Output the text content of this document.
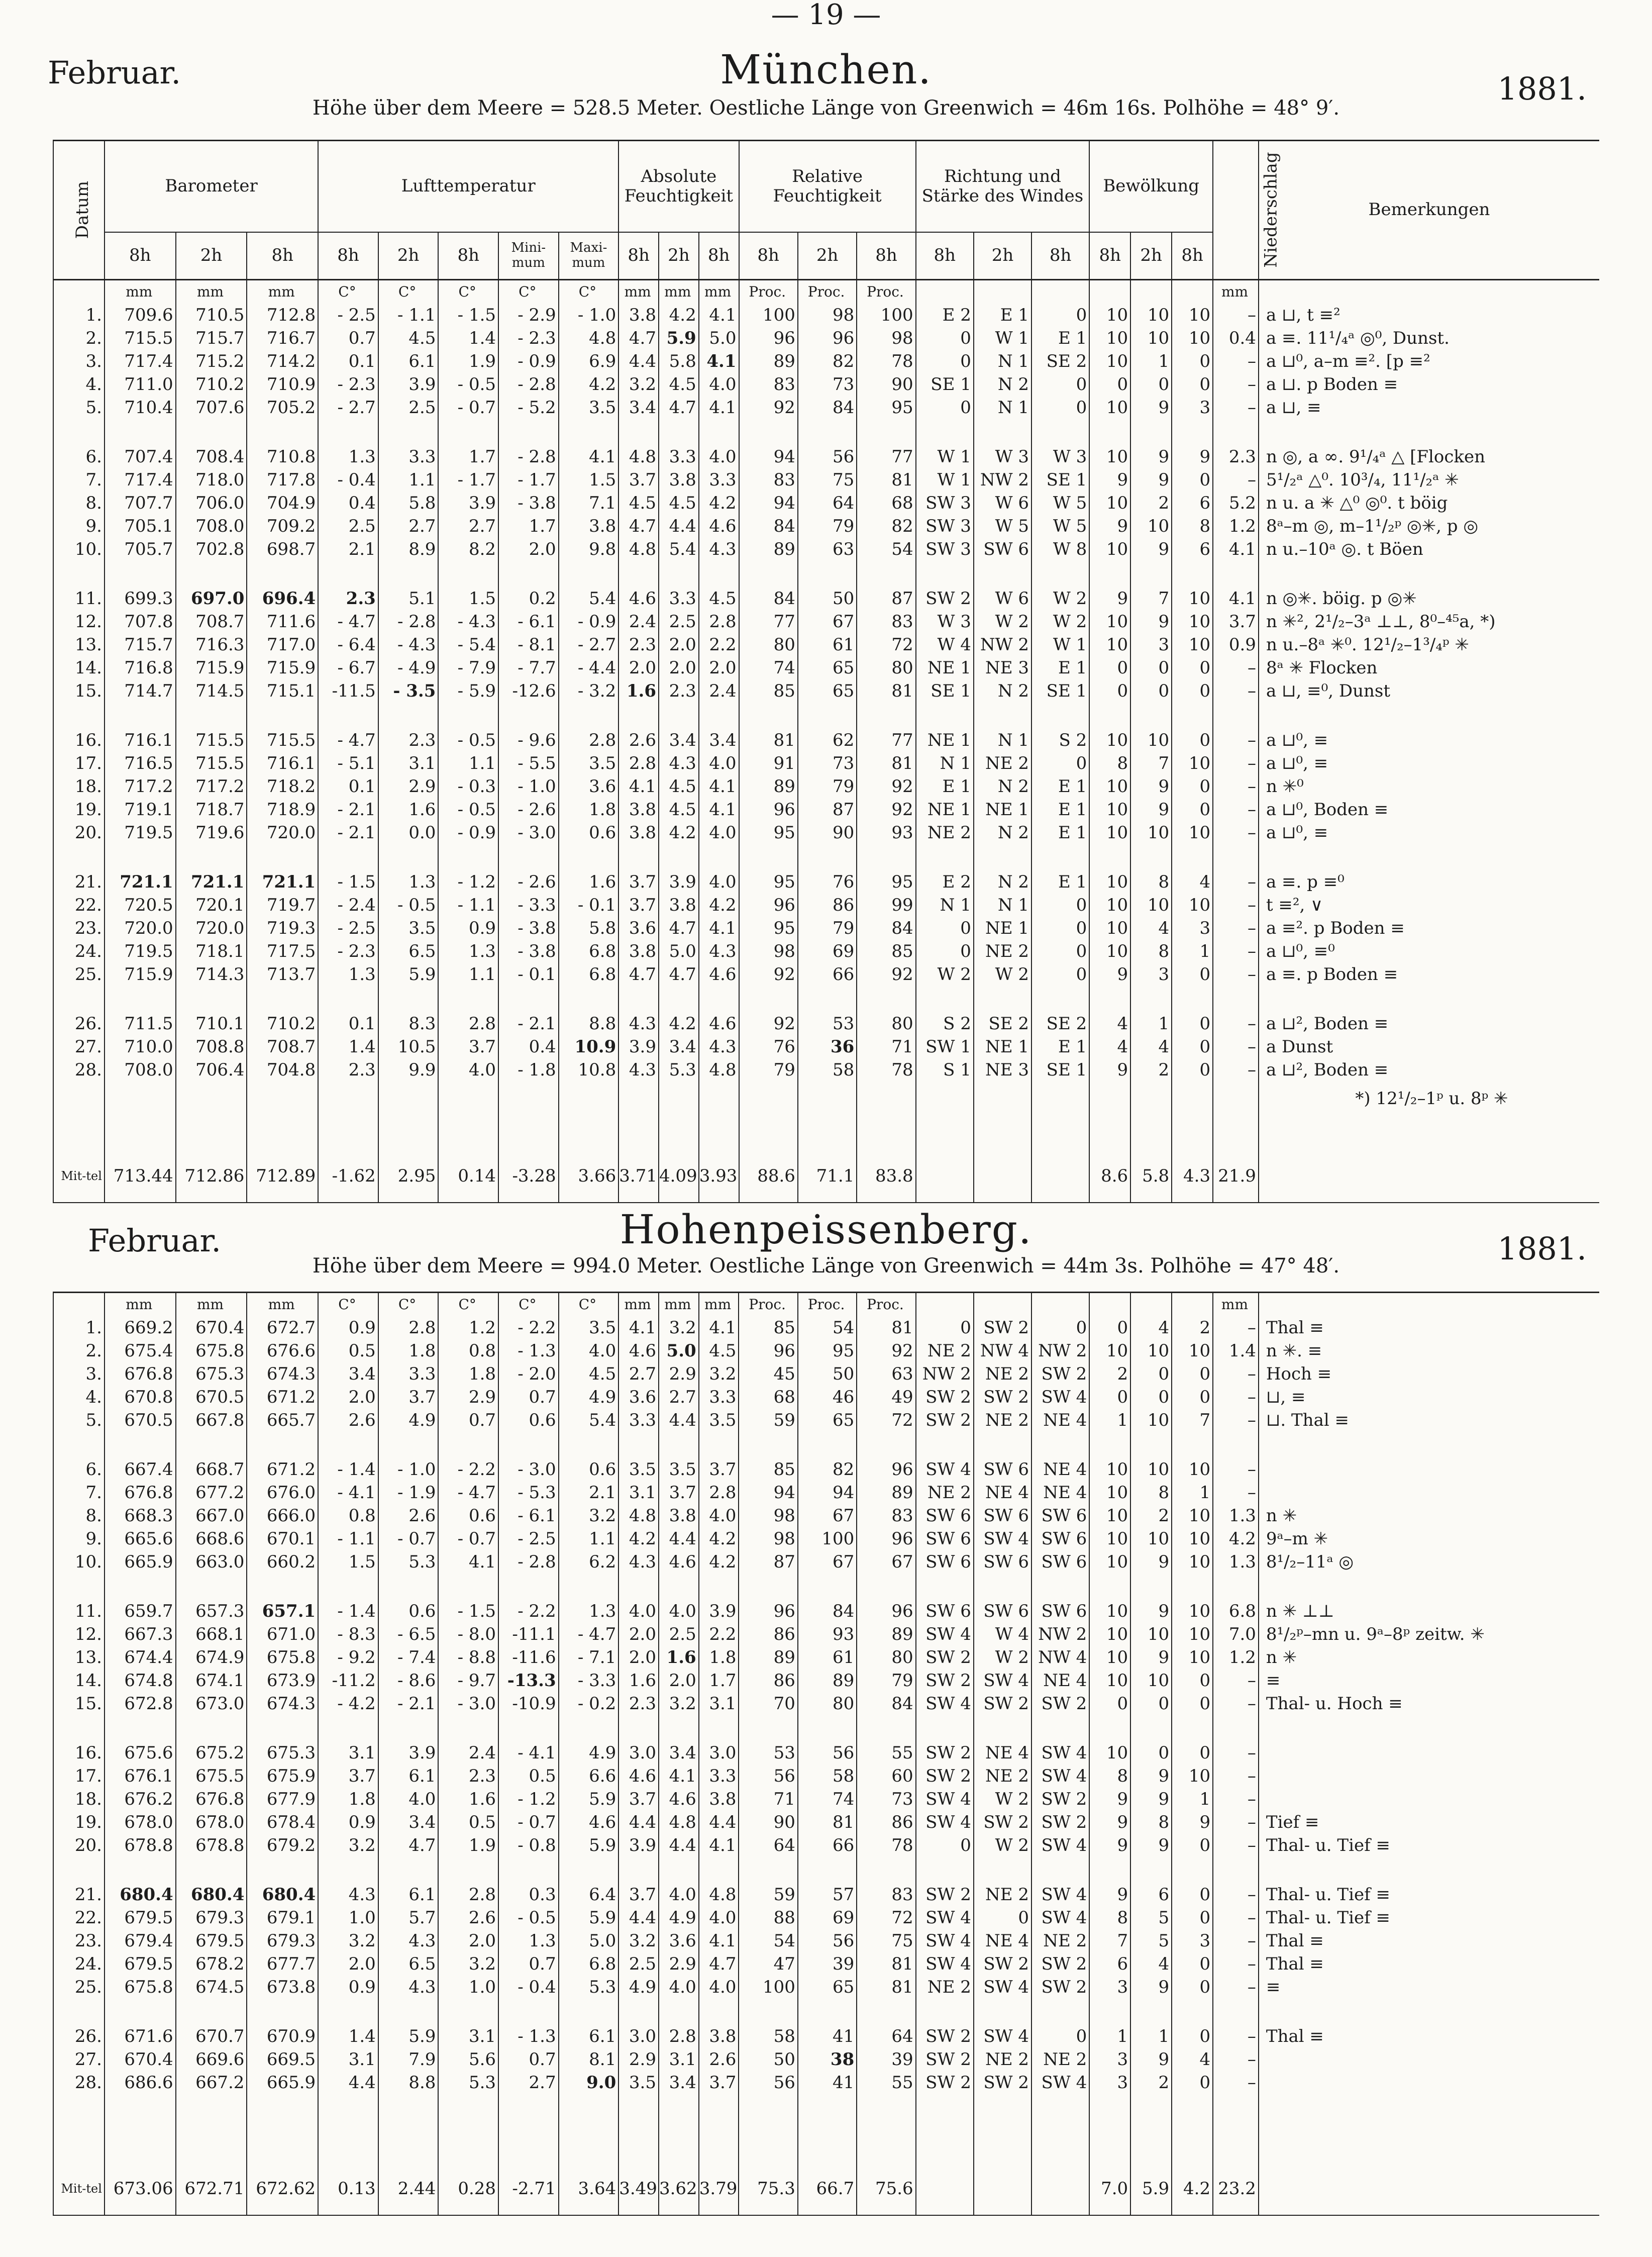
— 19 —
Februar.	München.	1881.
Höhe über dem Meere = 528.5 Meter. Oestliche Länge von Greenwich = 46m 16s. Polhöhe = 48° 9′.
Datum	Barometer			Lufttemperatur					Absolute Feuchtigkeit			Relative Feuchtigkeit			Richtung und Stärke des Windes			Bewölkung			Niederschlag	Bemerkungen
	8h	2h	8h	8h	2h	8h	Mini-mum	Maxi-mum	8h	2h	8h	8h	2h	8h	8h	2h	8h	8h	2h	8h		
	mm	mm	mm	C°	C°	C°	C°	C°	mm	mm	mm	Proc.	Proc.	Proc.							mm	
1.	709.6	710.5	712.8	- 2.5	- 1.1	- 1.5	- 2.9	- 1.0	3.8	4.2	4.1	100	98	100	E 2	E 1	0	10	10	10	–	a ⊔, t ≡²
2.	715.5	715.7	716.7	0.7	4.5	1.4	- 2.3	4.8	4.7	5.9	5.0	96	96	98	0	W 1	E 1	10	10	10	0.4	a ≡. 11¹/₄ᵃ ◎⁰, Dunst.
3.	717.4	715.2	714.2	0.1	6.1	1.9	- 0.9	6.9	4.4	5.8	4.1	89	82	78	0	N 1	SE 2	10	1	0	–	a ⊔⁰, a–m ≡². [p ≡²
4.	711.0	710.2	710.9	- 2.3	3.9	- 0.5	- 2.8	4.2	3.2	4.5	4.0	83	73	90	SE 1	N 2	0	0	0	0	–	a ⊔. p Boden ≡
5.	710.4	707.6	705.2	- 2.7	2.5	- 0.7	- 5.2	3.5	3.4	4.7	4.1	92	84	95	0	N 1	0	10	9	3	–	a ⊔, ≡

6.	707.4	708.4	710.8	1.3	3.3	1.7	- 2.8	4.1	4.8	3.3	4.0	94	56	77	W 1	W 3	W 3	10	9	9	2.3	n ◎, a ∞. 9¹/₄ᵃ △ [Flocken
7.	717.4	718.0	717.8	- 0.4	1.1	- 1.7	- 1.7	1.5	3.7	3.8	3.3	83	75	81	W 1	NW 2	SE 1	9	9	0	–	5¹/₂ᵃ △⁰. 10³/₄, 11¹/₂ᵃ ✳
8.	707.7	706.0	704.9	0.4	5.8	3.9	- 3.8	7.1	4.5	4.5	4.2	94	64	68	SW 3	W 6	W 5	10	2	6	5.2	n u. a ✳ △⁰ ◎⁰. t böig
9.	705.1	708.0	709.2	2.5	2.7	2.7	1.7	3.8	4.7	4.4	4.6	84	79	82	SW 3	W 5	W 5	9	10	8	1.2	8ᵃ–m ◎, m–1¹/₂ᵖ ◎✳, p ◎
10.	705.7	702.8	698.7	2.1	8.9	8.2	2.0	9.8	4.8	5.4	4.3	89	63	54	SW 3	SW 6	W 8	10	9	6	4.1	n u.–10ᵃ ◎. t Böen

11.	699.3	697.0	696.4	2.3	5.1	1.5	0.2	5.4	4.6	3.3	4.5	84	50	87	SW 2	W 6	W 2	9	7	10	4.1	n ◎✳. böig. p ◎✳
12.	707.8	708.7	711.6	- 4.7	- 2.8	- 4.3	- 6.1	- 0.9	2.4	2.5	2.8	77	67	83	W 3	W 2	W 2	10	9	10	3.7	n ✳², 2¹/₂–3ᵃ ⊥⊥, 8⁰–⁴⁵a, *)
13.	715.7	716.3	717.0	- 6.4	- 4.3	- 5.4	- 8.1	- 2.7	2.3	2.0	2.2	80	61	72	W 4	NW 2	W 1	10	3	10	0.9	n u.–8ᵃ ✳⁰. 12¹/₂–1³/₄ᵖ ✳
14.	716.8	715.9	715.9	- 6.7	- 4.9	- 7.9	- 7.7	- 4.4	2.0	2.0	2.0	74	65	80	NE 1	NE 3	E 1	0	0	0	–	8ᵃ ✳ Flocken
15.	714.7	714.5	715.1	-11.5	- 3.5	- 5.9	-12.6	- 3.2	1.6	2.3	2.4	85	65	81	SE 1	N 2	SE 1	0	0	0	–	a ⊔, ≡⁰, Dunst

16.	716.1	715.5	715.5	- 4.7	2.3	- 0.5	- 9.6	2.8	2.6	3.4	3.4	81	62	77	NE 1	N 1	S 2	10	10	0	–	a ⊔⁰, ≡
17.	716.5	715.5	716.1	- 5.1	3.1	1.1	- 5.5	3.5	2.8	4.3	4.0	91	73	81	N 1	NE 2	0	8	7	10	–	a ⊔⁰, ≡
18.	717.2	717.2	718.2	0.1	2.9	- 0.3	- 1.0	3.6	4.1	4.5	4.1	89	79	92	E 1	N 2	E 1	10	9	0	–	n ✳⁰
19.	719.1	718.7	718.9	- 2.1	1.6	- 0.5	- 2.6	1.8	3.8	4.5	4.1	96	87	92	NE 1	NE 1	E 1	10	9	0	–	a ⊔⁰, Boden ≡
20.	719.5	719.6	720.0	- 2.1	0.0	- 0.9	- 3.0	0.6	3.8	4.2	4.0	95	90	93	NE 2	N 2	E 1	10	10	10	–	a ⊔⁰, ≡

21.	721.1	721.1	721.1	- 1.5	1.3	- 1.2	- 2.6	1.6	3.7	3.9	4.0	95	76	95	E 2	N 2	E 1	10	8	4	–	a ≡. p ≡⁰
22.	720.5	720.1	719.7	- 2.4	- 0.5	- 1.1	- 3.3	- 0.1	3.7	3.8	4.2	96	86	99	N 1	N 1	0	10	10	10	–	t ≡², ∨
23.	720.0	720.0	719.3	- 2.5	3.5	0.9	- 3.8	5.8	3.6	4.7	4.1	95	79	84	0	NE 1	0	10	4	3	–	a ≡². p Boden ≡
24.	719.5	718.1	717.5	- 2.3	6.5	1.3	- 3.8	6.8	3.8	5.0	4.3	98	69	85	0	NE 2	0	10	8	1	–	a ⊔⁰, ≡⁰
25.	715.9	714.3	713.7	1.3	5.9	1.1	- 0.1	6.8	4.7	4.7	4.6	92	66	92	W 2	W 2	0	9	3	0	–	a ≡. p Boden ≡

26.	711.5	710.1	710.2	0.1	8.3	2.8	- 2.1	8.8	4.3	4.2	4.6	92	53	80	S 2	SE 2	SE 2	4	1	0	–	a ⊔², Boden ≡
27.	710.0	708.8	708.7	1.4	10.5	3.7	0.4	10.9	3.9	3.4	4.3	76	36	71	SW 1	NE 1	E 1	4	4	0	–	a Dunst
28.	708.0	706.4	704.8	2.3	9.9	4.0	- 1.8	10.8	4.3	5.3	4.8	79	58	78	S 1	NE 3	SE 1	9	2	0	–	a ⊔², Boden ≡
																						*) 12¹/₂–1ᵖ u. 8ᵖ ✳

Mit-tel	713.44	712.86	712.89	-1.62	2.95	0.14	-3.28	3.66	3.71	4.09	3.93	88.6	71.1	83.8				8.6	5.8	4.3	21.9	
Februar.	Hohenpeissenberg.	1881.
Höhe über dem Meere = 994.0 Meter. Oestliche Länge von Greenwich = 44m 3s. Polhöhe = 47° 48′.
	mm	mm	mm	C°	C°	C°	C°	C°	mm	mm	mm	Proc.	Proc.	Proc.							mm	
1.	669.2	670.4	672.7	0.9	2.8	1.2	- 2.2	3.5	4.1	3.2	4.1	85	54	81	0	SW 2	0	0	4	2	–	Thal ≡
2.	675.4	675.8	676.6	0.5	1.8	0.8	- 1.3	4.0	4.6	5.0	4.5	96	95	92	NE 2	NW 4	NW 2	10	10	10	1.4	n ✳. ≡
3.	676.8	675.3	674.3	3.4	3.3	1.8	- 2.0	4.5	2.7	2.9	3.2	45	50	63	NW 2	NE 2	SW 2	2	0	0	–	Hoch ≡
4.	670.8	670.5	671.2	2.0	3.7	2.9	0.7	4.9	3.6	2.7	3.3	68	46	49	SW 2	SW 2	SW 4	0	0	0	–	⊔, ≡
5.	670.5	667.8	665.7	2.6	4.9	0.7	0.6	5.4	3.3	4.4	3.5	59	65	72	SW 2	NE 2	NE 4	1	10	7	–	⊔. Thal ≡

6.	667.4	668.7	671.2	- 1.4	- 1.0	- 2.2	- 3.0	0.6	3.5	3.5	3.7	85	82	96	SW 4	SW 6	NE 4	10	10	10	–	
7.	676.8	677.2	676.0	- 4.1	- 1.9	- 4.7	- 5.3	2.1	3.1	3.7	2.8	94	94	89	NE 2	NE 4	NE 4	10	8	1	–	
8.	668.3	667.0	666.0	0.8	2.6	0.6	- 6.1	3.2	4.8	3.8	4.0	98	67	83	SW 6	SW 6	SW 6	10	2	10	1.3	n ✳
9.	665.6	668.6	670.1	- 1.1	- 0.7	- 0.7	- 2.5	1.1	4.2	4.4	4.2	98	100	96	SW 6	SW 4	SW 6	10	10	10	4.2	9ᵃ–m ✳
10.	665.9	663.0	660.2	1.5	5.3	4.1	- 2.8	6.2	4.3	4.6	4.2	87	67	67	SW 6	SW 6	SW 6	10	9	10	1.3	8¹/₂–11ᵃ ◎

11.	659.7	657.3	657.1	- 1.4	0.6	- 1.5	- 2.2	1.3	4.0	4.0	3.9	96	84	96	SW 6	SW 6	SW 6	10	9	10	6.8	n ✳ ⊥⊥
12.	667.3	668.1	671.0	- 8.3	- 6.5	- 8.0	-11.1	- 4.7	2.0	2.5	2.2	86	93	89	SW 4	W 4	NW 2	10	10	10	7.0	8¹/₂ᵖ–mn u. 9ᵃ–8ᵖ zeitw. ✳
13.	674.4	674.9	675.8	- 9.2	- 7.4	- 8.8	-11.6	- 7.1	2.0	1.6	1.8	89	61	80	SW 2	W 2	NW 4	10	9	10	1.2	n ✳
14.	674.8	674.1	673.9	-11.2	- 8.6	- 9.7	-13.3	- 3.3	1.6	2.0	1.7	86	89	79	SW 2	SW 4	NE 4	10	10	0	–	≡
15.	672.8	673.0	674.3	- 4.2	- 2.1	- 3.0	-10.9	- 0.2	2.3	3.2	3.1	70	80	84	SW 4	SW 2	SW 2	0	0	0	–	Thal- u. Hoch ≡

16.	675.6	675.2	675.3	3.1	3.9	2.4	- 4.1	4.9	3.0	3.4	3.0	53	56	55	SW 2	NE 4	SW 4	10	0	0	–	
17.	676.1	675.5	675.9	3.7	6.1	2.3	0.5	6.6	4.6	4.1	3.3	56	58	60	SW 2	NE 2	SW 4	8	9	10	–	
18.	676.2	676.8	677.9	1.8	4.0	1.6	- 1.2	5.9	3.7	4.6	3.8	71	74	73	SW 4	W 2	SW 2	9	9	1	–	
19.	678.0	678.0	678.4	0.9	3.4	0.5	- 0.7	4.6	4.4	4.8	4.4	90	81	86	SW 4	SW 2	SW 2	9	8	9	–	Tief ≡
20.	678.8	678.8	679.2	3.2	4.7	1.9	- 0.8	5.9	3.9	4.4	4.1	64	66	78	0	W 2	SW 4	9	9	0	–	Thal- u. Tief ≡

21.	680.4	680.4	680.4	4.3	6.1	2.8	0.3	6.4	3.7	4.0	4.8	59	57	83	SW 2	NE 2	SW 4	9	6	0	–	Thal- u. Tief ≡
22.	679.5	679.3	679.1	1.0	5.7	2.6	- 0.5	5.9	4.4	4.9	4.0	88	69	72	SW 4	0	SW 4	8	5	0	–	Thal- u. Tief ≡
23.	679.4	679.5	679.3	3.2	4.3	2.0	1.3	5.0	3.2	3.6	4.1	54	56	75	SW 4	NE 4	NE 2	7	5	3	–	Thal ≡
24.	679.5	678.2	677.7	2.0	6.5	3.2	0.7	6.8	2.5	2.9	4.7	47	39	81	SW 4	SW 2	SW 2	6	4	0	–	Thal ≡
25.	675.8	674.5	673.8	0.9	4.3	1.0	- 0.4	5.3	4.9	4.0	4.0	100	65	81	NE 2	SW 4	SW 2	3	9	0	–	≡

26.	671.6	670.7	670.9	1.4	5.9	3.1	- 1.3	6.1	3.0	2.8	3.8	58	41	64	SW 2	SW 4	0	1	1	0	–	Thal ≡
27.	670.4	669.6	669.5	3.1	7.9	5.6	0.7	8.1	2.9	3.1	2.6	50	38	39	SW 2	NE 2	NE 2	3	9	4	–	
28.	686.6	667.2	665.9	4.4	8.8	5.3	2.7	9.0	3.5	3.4	3.7	56	41	55	SW 2	SW 2	SW 4	3	2	0	–	

Mit-tel	673.06	672.71	672.62	0.13	2.44	0.28	-2.71	3.64	3.49	3.62	3.79	75.3	66.7	75.6				7.0	5.9	4.2	23.2	
